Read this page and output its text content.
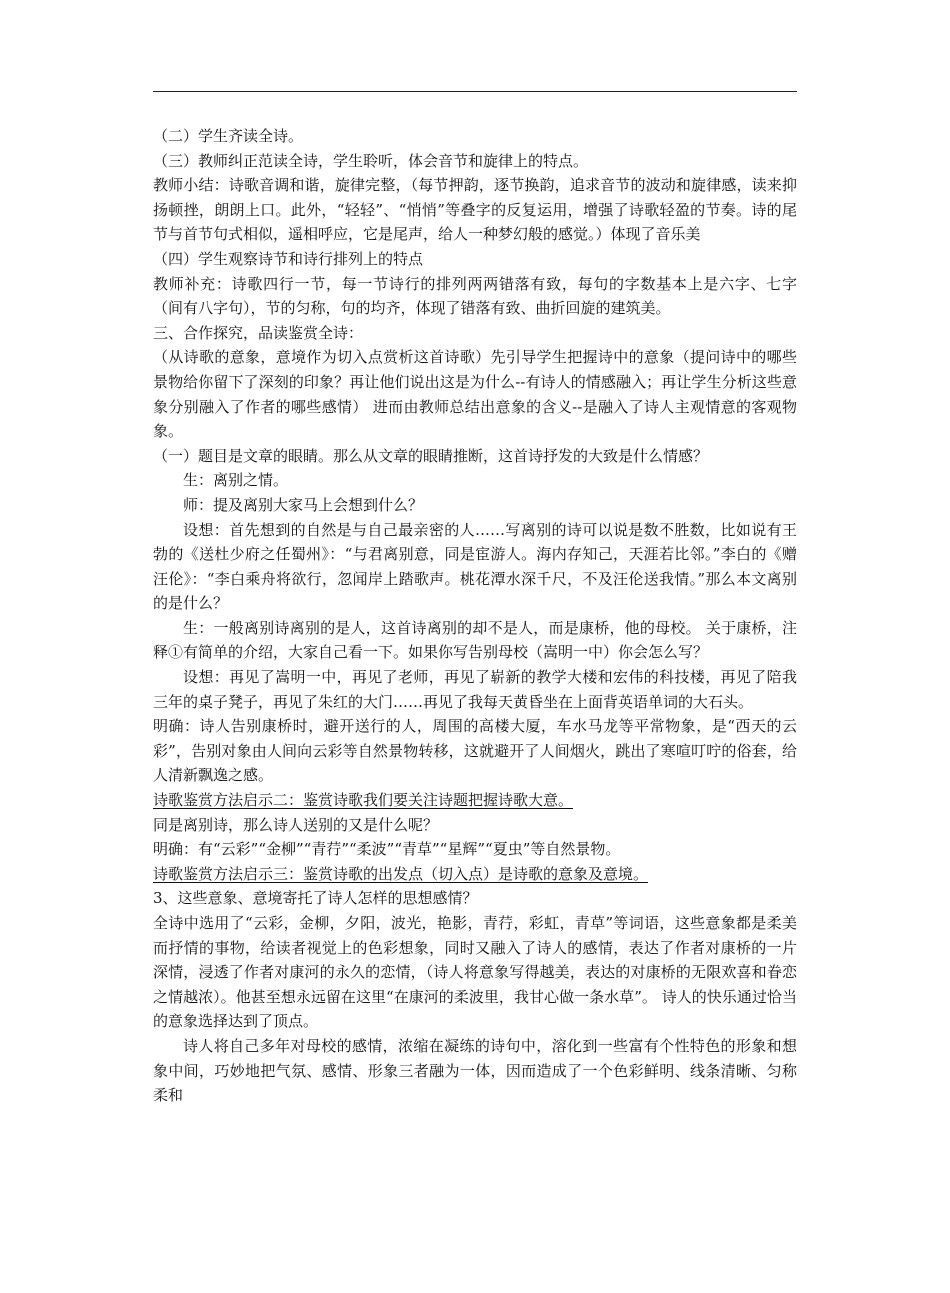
（二）学生齐读全诗。

（三）教师纠正范读全诗，学生聆听，体会音节和旋律上的特点。

教师小结：诗歌音调和谐，旋律完整，（每节押韵，逐节换韵，追求音节的波动和旋律感，读来抑扬顿挫，朗朗上口。此外，“轻轻”、“悄悄”等叠字的反复运用，增强了诗歌轻盈的节奏。诗的尾节与首节句式相似，遥相呼应，它是尾声，给人一种梦幻般的感觉。）体现了音乐美

（四）学生观察诗节和诗行排列上的特点

教师补充：诗歌四行一节，每一节诗行的排列两两错落有致，每句的字数基本上是六字、七字（间有八字句），节的匀称，句的均齐，体现了错落有致、曲折回旋的建筑美。

三、合作探究，品读鉴赏全诗：

（从诗歌的意象，意境作为切入点赏析这首诗歌）先引导学生把握诗中的意象（提问诗中的哪些景物给你留下了深刻的印象？再让他们说出这是为什么--有诗人的情感融入；再让学生分析这些意象分别融入了作者的哪些感情） 进而由教师总结出意象的含义--是融入了诗人主观情意的客观物象。

（一）题目是文章的眼睛。那么从文章的眼睛推断，这首诗抒发的大致是什么情感？

生：离别之情。

师：提及离别大家马上会想到什么？

设想：首先想到的自然是与自己最亲密的人……写离别的诗可以说是数不胜数，比如说有王勃的《送杜少府之任蜀州》：“与君离别意，同是宦游人。海内存知己，天涯若比邻。”李白的《赠汪伦》：“李白乘舟将欲行，忽闻岸上踏歌声。桃花潭水深千尺，不及汪伦送我情。”那么本文离别的是什么？

生：一般离别诗离别的是人，这首诗离别的却不是人，而是康桥，他的母校。 关于康桥，注释①有简单的介绍，大家自己看一下。如果你写告别母校（嵩明一中）你会怎么写？

设想：再见了嵩明一中，再见了老师，再见了崭新的教学大楼和宏伟的科技楼，再见了陪我三年的桌子凳子，再见了朱红的大门……再见了我每天黄昏坐在上面背英语单词的大石头。

明确：诗人告别康桥时，避开送行的人，周围的高楼大厦，车水马龙等平常物象，是“西天的云彩”，告别对象由人间向云彩等自然景物转移，这就避开了人间烟火，跳出了寒喧叮咛的俗套，给人清新飘逸之感。

诗歌鉴赏方法启示二：鉴赏诗歌我们要关注诗题把握诗歌大意。

同是离别诗，那么诗人送别的又是什么呢？

明确：有“云彩”“金柳”“青荇”“柔波”“青草”“星辉”“夏虫”等自然景物。

诗歌鉴赏方法启示三：鉴赏诗歌的出发点（切入点）是诗歌的意象及意境。

3、这些意象、意境寄托了诗人怎样的思想感情？

全诗中选用了“云彩，金柳，夕阳，波光，艳影，青荇，彩虹，青草”等词语，这些意象都是柔美而抒情的事物，给读者视觉上的色彩想象，同时又融入了诗人的感情，表达了作者对康桥的一片深情，浸透了作者对康河的永久的恋情，（诗人将意象写得越美，表达的对康桥的无限欢喜和眷恋之情越浓）。他甚至想永远留在这里“在康河的柔波里，我甘心做一条水草”。 诗人的快乐通过恰当的意象选择达到了顶点。

诗人将自己多年对母校的感情，浓缩在凝练的诗句中，溶化到一些富有个性特色的形象和想象中间，巧妙地把气氛、感情、形象三者融为一体，因而造成了一个色彩鲜明、线条清晰、匀称柔和
